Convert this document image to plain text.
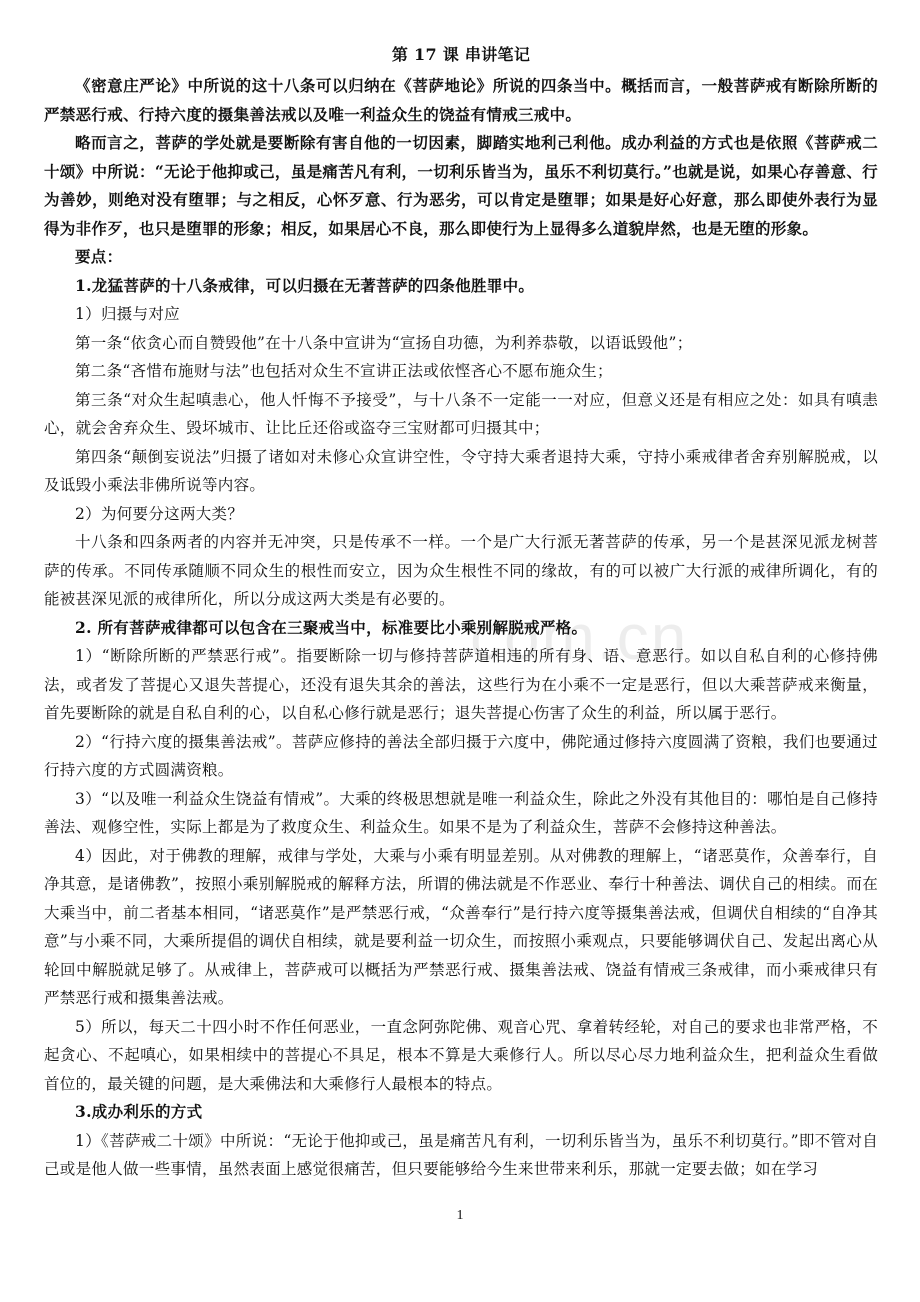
com.cn
第 17 课 串讲笔记

《密意庄严论》中所说的这十八条可以归纳在《菩萨地论》所说的四条当中。概括而言，一般菩萨戒有断除所断的严禁恶行戒、行持六度的摄集善法戒以及唯一利益众生的饶益有情戒三戒中。

略而言之，菩萨的学处就是要断除有害自他的一切因素，脚踏实地利己利他。成办利益的方式也是依照《菩萨戒二十颂》中所说：“无论于他抑或己，虽是痛苦凡有利，一切利乐皆当为，虽乐不利切莫行。”也就是说，如果心存善意、行为善妙，则绝对没有堕罪；与之相反，心怀歹意、行为恶劣，可以肯定是堕罪；如果是好心好意，那么即使外表行为显得为非作歹，也只是堕罪的形象；相反，如果居心不良，那么即使行为上显得多么道貌岸然，也是无堕的形象。

要点：

1.龙猛菩萨的十八条戒律，可以归摄在无著菩萨的四条他胜罪中。

1）归摄与对应

第一条“依贪心而自赞毁他”在十八条中宣讲为“宣扬自功德，为利养恭敬，以语诋毁他”；

第二条“吝惜布施财与法”也包括对众生不宣讲正法或依悭吝心不愿布施众生；

第三条“对众生起嗔恚心，他人忏悔不予接受”，与十八条不一定能一一对应，但意义还是有相应之处：如具有嗔恚心，就会舍弃众生、毁坏城市、让比丘还俗或盗夺三宝财都可归摄其中；

第四条“颠倒妄说法”归摄了诸如对未修心众宣讲空性，令守持大乘者退持大乘，守持小乘戒律者舍弃别解脱戒，以及诋毁小乘法非佛所说等内容。

2）为何要分这两大类？

十八条和四条两者的内容并无冲突，只是传承不一样。一个是广大行派无著菩萨的传承，另一个是甚深见派龙树菩萨的传承。不同传承随顺不同众生的根性而安立，因为众生根性不同的缘故，有的可以被广大行派的戒律所调化，有的能被甚深见派的戒律所化，所以分成这两大类是有必要的。

2. 所有菩萨戒律都可以包含在三聚戒当中，标准要比小乘别解脱戒严格。

1）“断除所断的严禁恶行戒”。指要断除一切与修持菩萨道相违的所有身、语、意恶行。如以自私自利的心修持佛法，或者发了菩提心又退失菩提心，还没有退失其余的善法，这些行为在小乘不一定是恶行，但以大乘菩萨戒来衡量，首先要断除的就是自私自利的心，以自私心修行就是恶行；退失菩提心伤害了众生的利益，所以属于恶行。

2）“行持六度的摄集善法戒”。菩萨应修持的善法全部归摄于六度中，佛陀通过修持六度圆满了资粮，我们也要通过行持六度的方式圆满资粮。

3）“以及唯一利益众生饶益有情戒”。大乘的终极思想就是唯一利益众生，除此之外没有其他目的：哪怕是自己修持善法、观修空性，实际上都是为了救度众生、利益众生。如果不是为了利益众生，菩萨不会修持这种善法。

4）因此，对于佛教的理解，戒律与学处，大乘与小乘有明显差别。从对佛教的理解上，“诸恶莫作，众善奉行，自净其意，是诸佛教”，按照小乘别解脱戒的解释方法，所谓的佛法就是不作恶业、奉行十种善法、调伏自己的相续。而在大乘当中，前二者基本相同，“诸恶莫作”是严禁恶行戒，“众善奉行”是行持六度等摄集善法戒，但调伏自相续的“自净其意”与小乘不同，大乘所提倡的调伏自相续，就是要利益一切众生，而按照小乘观点，只要能够调伏自己、发起出离心从轮回中解脱就足够了。从戒律上，菩萨戒可以概括为严禁恶行戒、摄集善法戒、饶益有情戒三条戒律，而小乘戒律只有严禁恶行戒和摄集善法戒。

5）所以，每天二十四小时不作任何恶业，一直念阿弥陀佛、观音心咒、拿着转经轮，对自己的要求也非常严格，不起贪心、不起嗔心，如果相续中的菩提心不具足，根本不算是大乘修行人。所以尽心尽力地利益众生，把利益众生看做首位的，最关键的问题，是大乘佛法和大乘修行人最根本的特点。

3.成办利乐的方式

1）《菩萨戒二十颂》中所说：“无论于他抑或己，虽是痛苦凡有利，一切利乐皆当为，虽乐不利切莫行。”即不管对自己或是他人做一些事情，虽然表面上感觉很痛苦，但只要能够给今生来世带来利乐，那就一定要去做；如在学习

1
